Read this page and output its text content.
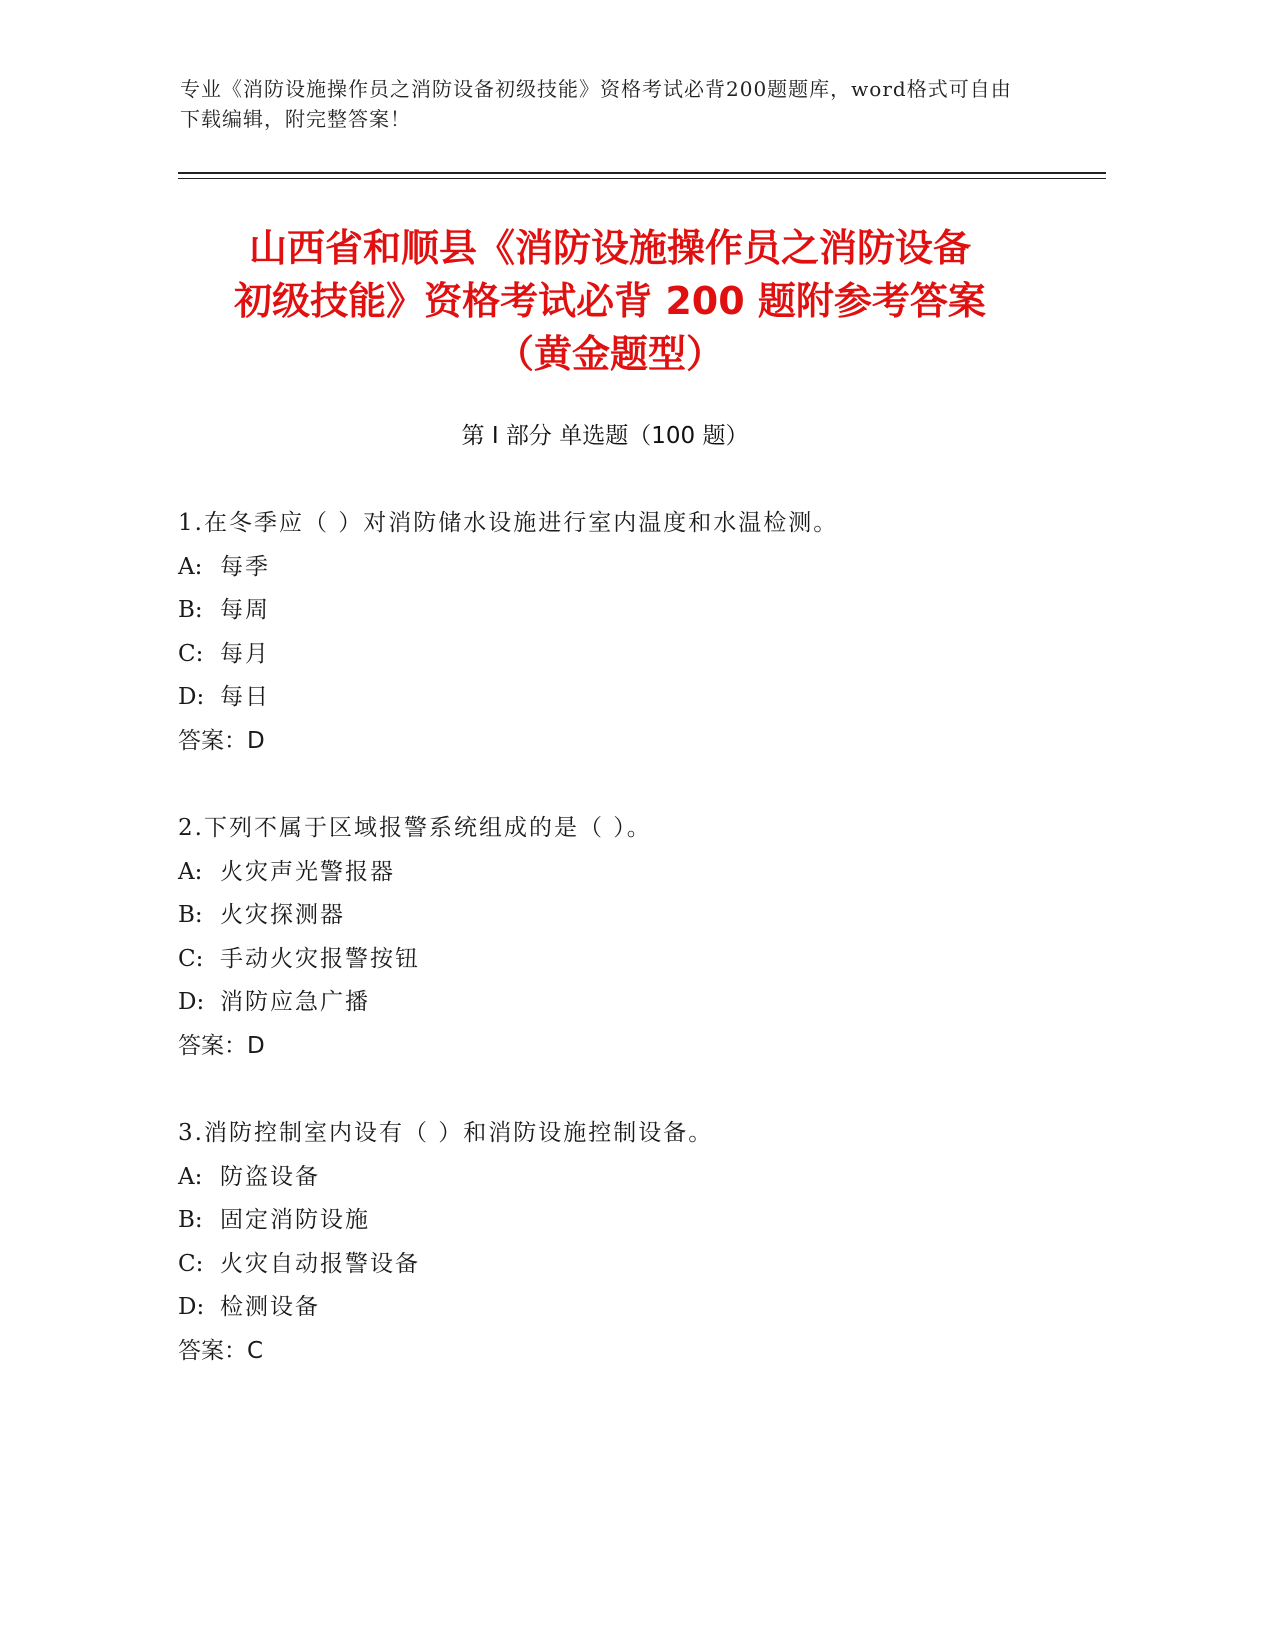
专业《消防设施操作员之消防设备初级技能》资格考试必背200题题库，word格式可自由下载编辑，附完整答案！
山西省和顺县《消防设施操作员之消防设备
初级技能》资格考试必背 200 题附参考答案
（黄金题型）
第 I 部分 单选题（100 题）
1.在冬季应（ ）对消防储水设施进行室内温度和水温检测。
A: 每季
B: 每周
C: 每月
D: 每日
答案：D
2.下列不属于区域报警系统组成的是（ ）。
A: 火灾声光警报器
B: 火灾探测器
C: 手动火灾报警按钮
D: 消防应急广播
答案：D
3.消防控制室内设有（ ）和消防设施控制设备。
A: 防盗设备
B: 固定消防设施
C: 火灾自动报警设备
D: 检测设备
答案：C
